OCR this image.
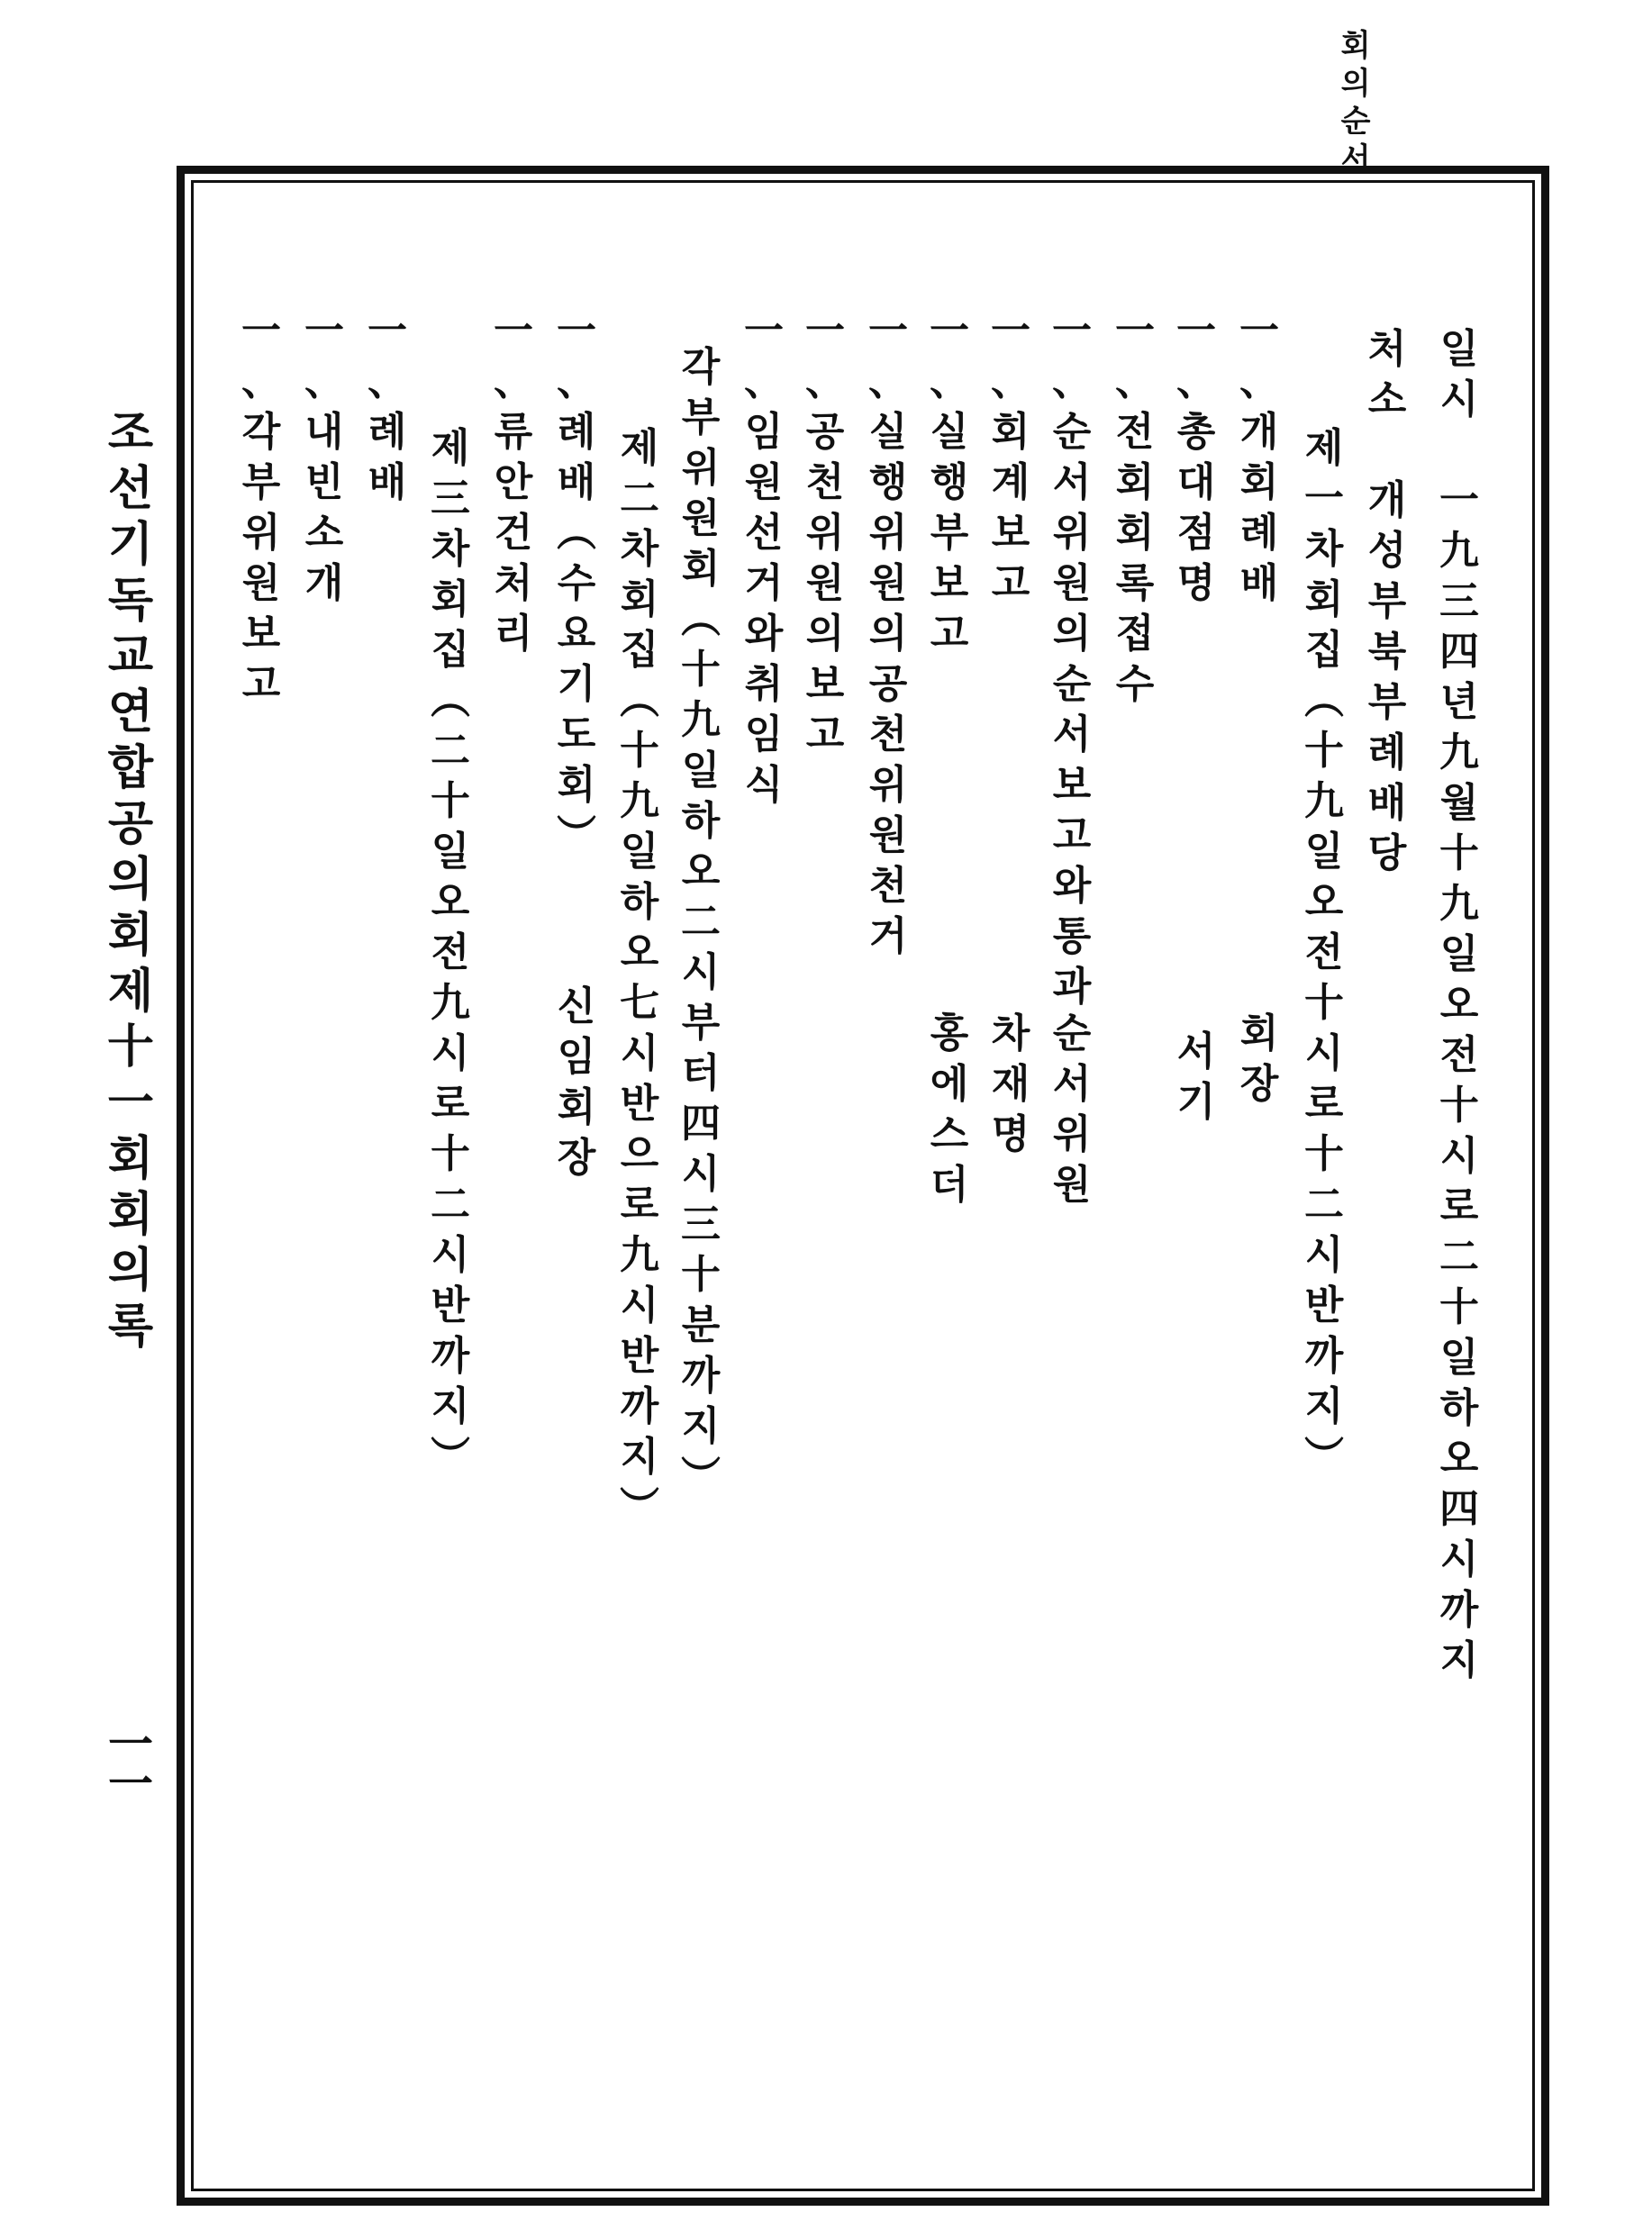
회
의
순
서
조
선
기
독
교
연
합
공
의
회
제
十
一
회
회
의
록
一
一
일
시

一
九
三
四
년
九
월
十
九
일
오
전
十
시
로
二
十
일
하
오
四
시
까
지
처
소

개
성
부
북
부
례
배
당
제
一
차
회
집
︵
十
九
일
오
전
十
시
로
十
二
시
반
까
지
︶
一
、
개
회
례
배
회
장
一
、
총
대
점
명
서
기
一
、
전
회
회
록
접
수
一
、
순
서
위
원
의
순
서
보
고
와
통
과
순
서
위
원
一
、
회
계
보
고
차
재
명
一
、
실
행
부
보
고
홍
에
스
더
一
、
실
행
위
원
의
공
천
위
원
천
거
一
、
공
천
위
원
의
보
고
一
、
임
원
선
거
와
취
임
식
각
부
위
원
회
︵
十
九
일
하
오
二
시
부
터
四
시
三
十
분
까
지
︶
제
二
차
회
집
︵
十
九
일
하
오
七
시
반
으
로
九
시
반
까
지
︶
一
、
례
배
︵
수
요
기
도
회
︶
신
임
회
장
一
、
류
안
건
처
리
제
三
차
회
집
︵
二
十
일
오
전
九
시
로
十
二
시
반
까
지
︶
一
、
례
배
一
、
내
빈
소
개
一
、
각
부
위
원
보
고
